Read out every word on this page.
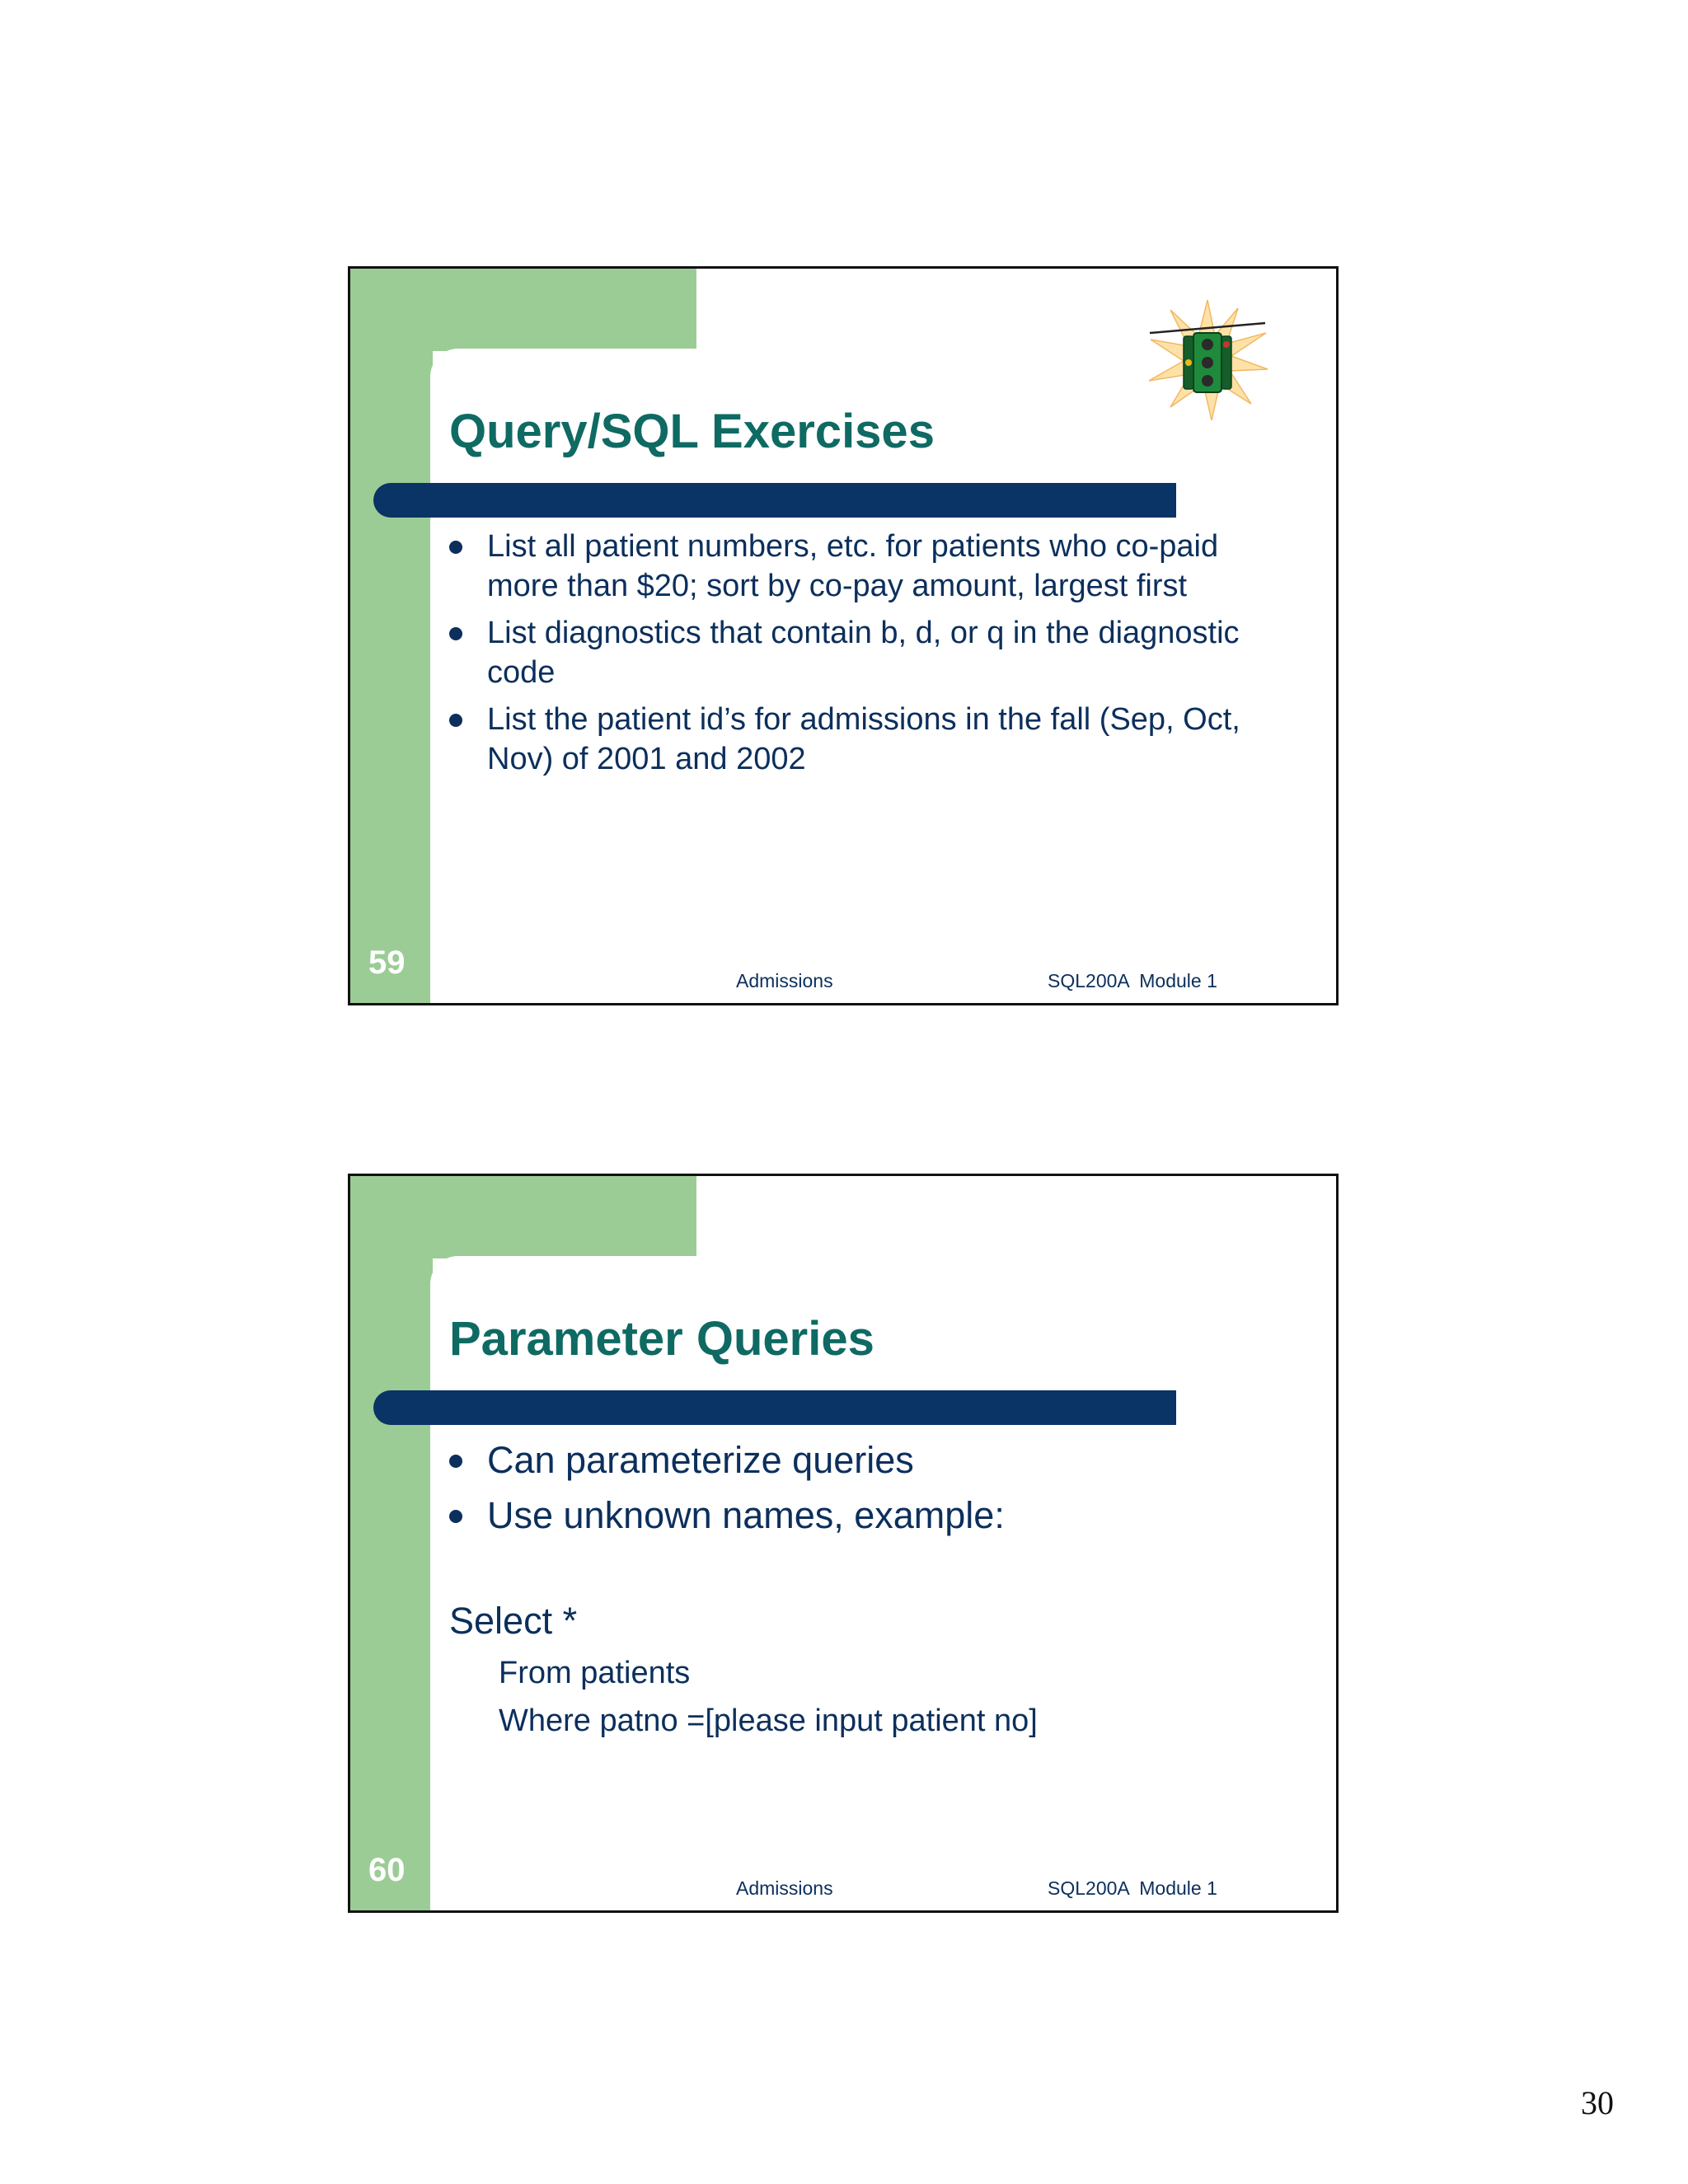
Query/SQL Exercises
List all patient numbers, etc. for patients who co-paid more than $20; sort by co-pay amount, largest first
List diagnostics that contain b, d, or q in the diagnostic code
List the patient id’s for admissions in the fall (Sep, Oct, Nov) of 2001 and 2002
59	Admissions	SQL200A  Module 1
Parameter Queries
Can parameterize queries
Use unknown names, example:
Select *
From patients
Where patno =[please input patient no]
60	Admissions	SQL200A  Module 1
30
